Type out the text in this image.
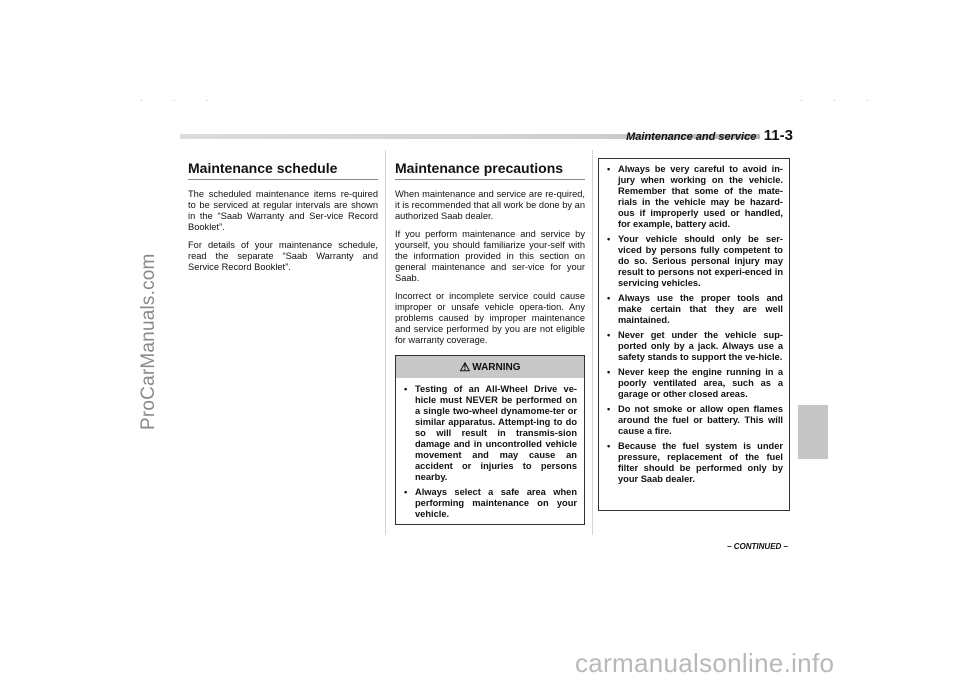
ProCarManuals.com
carmanualsonline.info
· · ·	· · ·
Maintenance and service 11-3
Maintenance schedule

The scheduled maintenance items re-quired to be serviced at regular intervals are shown in the “Saab Warranty and Ser-vice Record Booklet”.

For details of your maintenance schedule, read the separate “Saab Warranty and Service Record Booklet”.

Maintenance precautions

When maintenance and service are re-quired, it is recommended that all work be done by an authorized Saab dealer.

If you perform maintenance and service by yourself, you should familiarize your-self with the information provided in this section on general maintenance and ser-vice for your Saab.

Incorrect or incomplete service could cause improper or unsafe vehicle opera-tion. Any problems caused by improper maintenance and service performed by you are not eligible for warranty coverage.

⚠ WARNING
• Testing of an All-Wheel Drive ve-hicle must NEVER be performed on a single two-wheel dynamome-ter or similar apparatus. Attempt-ing to do so will result in transmis-sion damage and in uncontrolled vehicle movement and may cause an accident or injuries to persons nearby.
• Always select a safe area when performing maintenance on your vehicle.
• Always be very careful to avoid in-jury when working on the vehicle. Remember that some of the mate-rials in the vehicle may be hazard-ous if improperly used or handled, for example, battery acid.
• Your vehicle should only be ser-viced by persons fully competent to do so. Serious personal injury may result to persons not experi-enced in servicing vehicles.
• Always use the proper tools and make certain that they are well maintained.
• Never get under the vehicle sup-ported only by a jack. Always use a safety stands to support the ve-hicle.
• Never keep the engine running in a poorly ventilated area, such as a garage or other closed areas.
• Do not smoke or allow open flames around the fuel or battery. This will cause a fire.
• Because the fuel system is under pressure, replacement of the fuel filter should be performed only by your Saab dealer.
– CONTINUED –
